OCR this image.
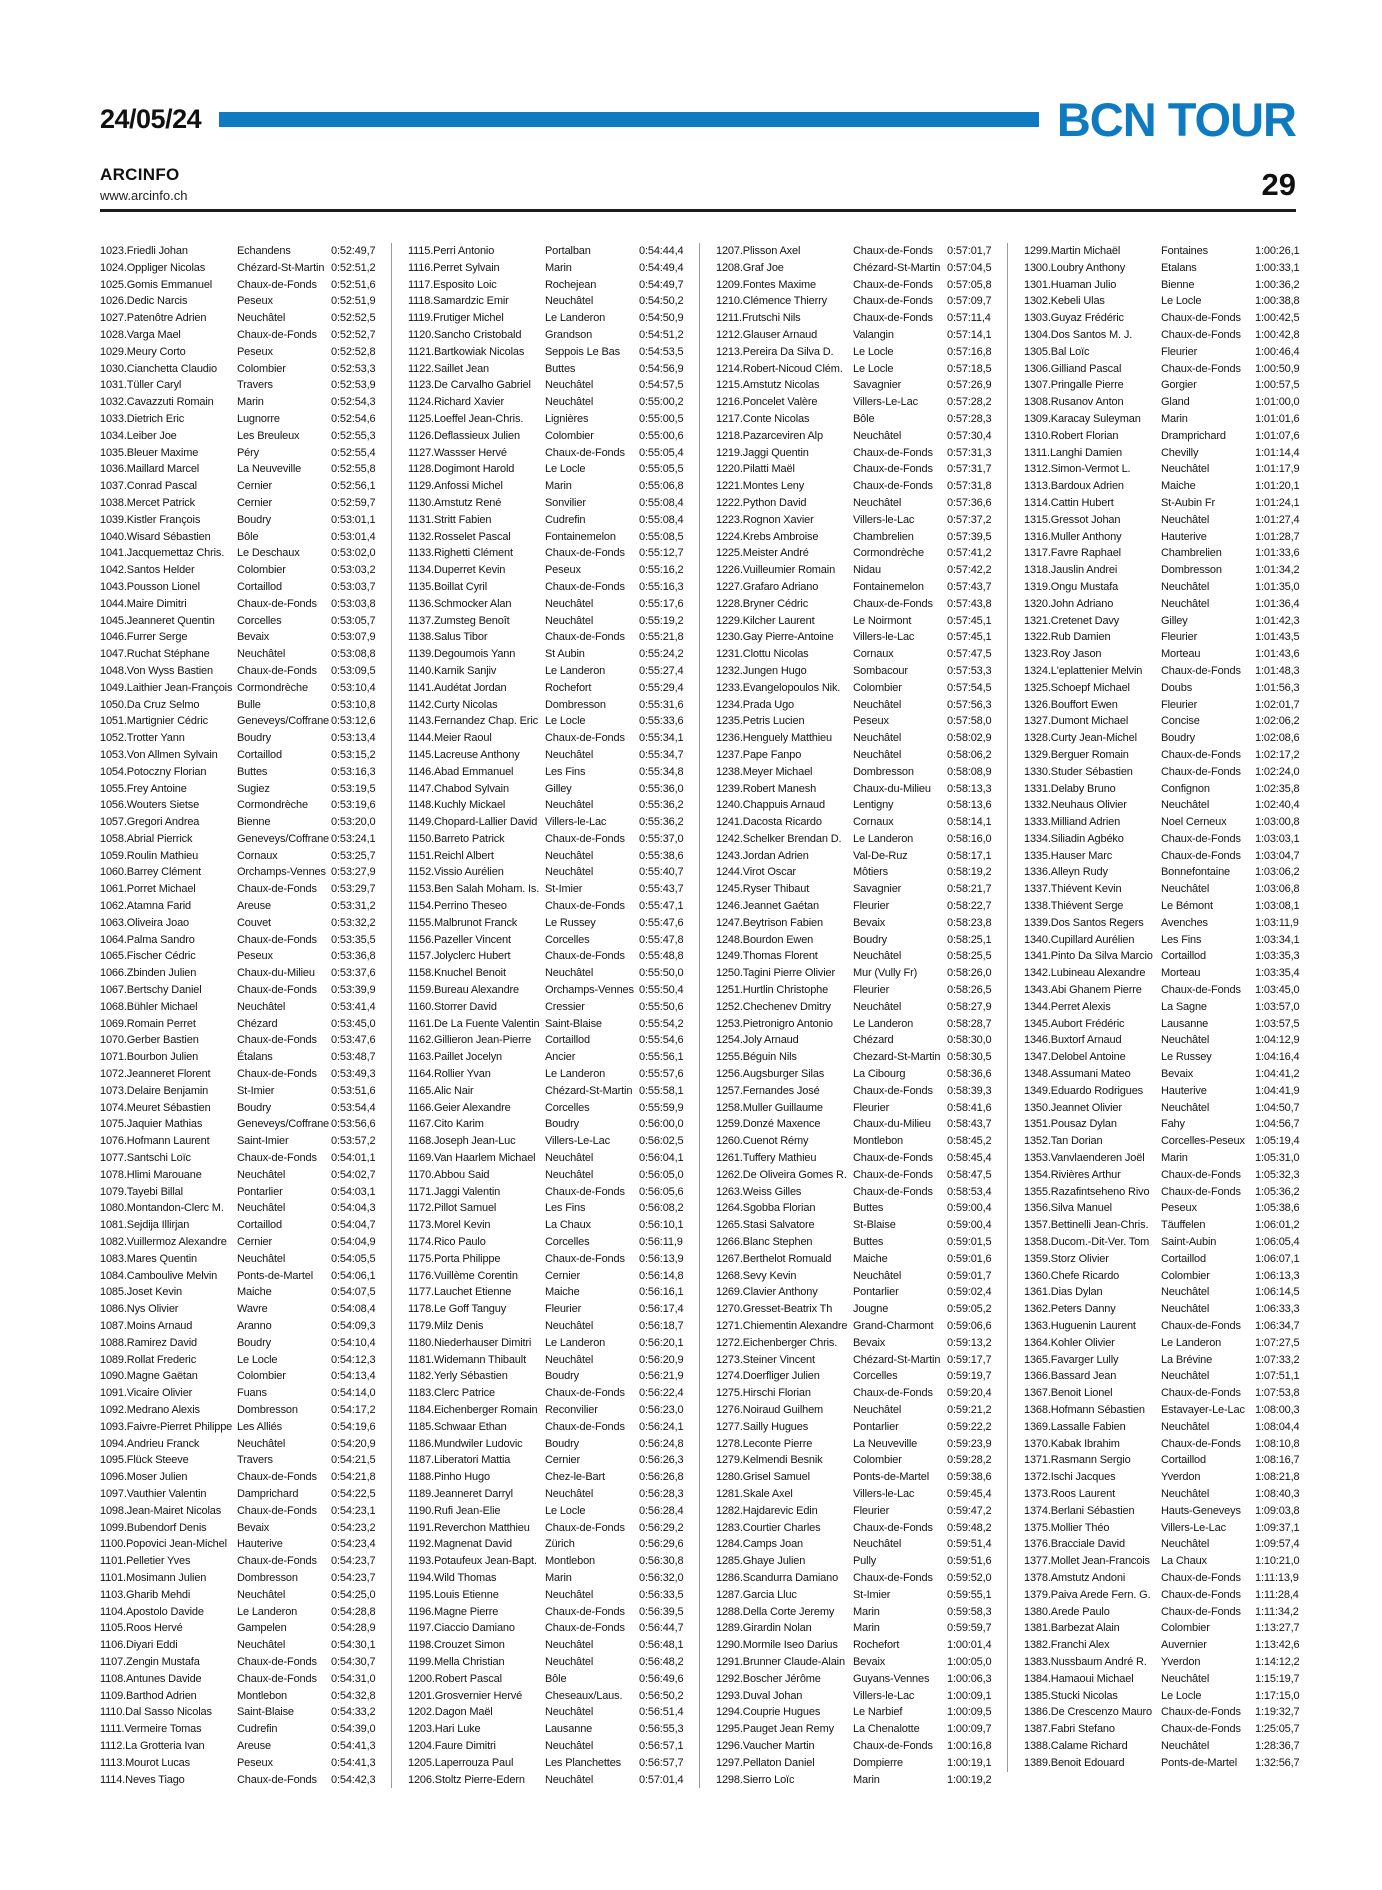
24/05/24	BCN TOUR
ARCINFO
www.arcinfo.ch	29
1023.Friedli Johan	Echandens	0:52:49,7
1024.Oppliger Nicolas	Chézard-St-Martin 0:52:51,2
1025.Gomis Emmanuel	Chaux-de-Fonds	0:52:51,6
1026.Dedic Narcis	Peseux	0:52:51,9
1027.Patenôtre Adrien	Neuchâtel	0:52:52,5
1028.Varga Mael	Chaux-de-Fonds	0:52:52,7
1029.Meury Corto	Peseux	0:52:52,8
1030.Cianchetta Claudio	Colombier	0:52:53,3
1031.Tüller Caryl	Travers	0:52:53,9
1032.Cavazzuti Romain	Marin	0:52:54,3
1033.Dietrich Eric	Lugnorre	0:52:54,6
1034.Leiber Joe	Les Breuleux	0:52:55,3
1035.Bleuer Maxime	Péry	0:52:55,4
1036.Maillard Marcel	La Neuveville	0:52:55,8
1037.Conrad Pascal	Cernier	0:52:56,1
1038.Mercet Patrick	Cernier	0:52:59,7
1039.Kistler François	Boudry	0:53:01,1
1040.Wisard Sébastien	Bôle	0:53:01,4
1041.Jacquemettaz Chris.	Le Deschaux	0:53:02,0
1042.Santos Helder	Colombier	0:53:03,2
1043.Pousson Lionel	Cortaillod	0:53:03,7
1044.Maire Dimitri	Chaux-de-Fonds	0:53:03,8
1045.Jeanneret Quentin	Corcelles	0:53:05,7
1046.Furrer Serge	Bevaix	0:53:07,9
1047.Ruchat Stéphane	Neuchâtel	0:53:08,8
1048.Von Wyss Bastien	Chaux-de-Fonds	0:53:09,5
1049.Laithier Jean-François Cormondrèche	0:53:10,4
1050.Da Cruz Selmo	Bulle	0:53:10,8
1051.Martignier Cédric	Geneveys/Coffrane 0:53:12,6
1052.Trotter Yann	Boudry	0:53:13,4
1053.Von Allmen Sylvain	Cortaillod	0:53:15,2
1054.Potoczny Florian	Buttes	0:53:16,3
1055.Frey Antoine	Sugiez	0:53:19,5
1056.Wouters Sietse	Cormondrèche	0:53:19,6
1057.Gregori Andrea	Bienne	0:53:20,0
1058.Abrial Pierrick	Geneveys/Coffrane 0:53:24,1
1059.Roulin Mathieu	Cornaux	0:53:25,7
1060.Barrey Clément	Orchamps-Vennes 0:53:27,9
1061.Porret Michael	Chaux-de-Fonds	0:53:29,7
1062.Atamna Farid	Areuse	0:53:31,2
1063.Oliveira Joao	Couvet	0:53:32,2
1064.Palma Sandro	Chaux-de-Fonds	0:53:35,5
1065.Fischer Cédric	Peseux	0:53:36,8
1066.Zbinden Julien	Chaux-du-Milieu	0:53:37,6
1067.Bertschy Daniel	Chaux-de-Fonds	0:53:39,9
1068.Bühler Michael	Neuchâtel	0:53:41,4
1069.Romain Perret	Chézard	0:53:45,0
1070.Gerber Bastien	Chaux-de-Fonds	0:53:47,6
1071.Bourbon Julien	Étalans	0:53:48,7
1072.Jeanneret Florent	Chaux-de-Fonds	0:53:49,3
1073.Delaire Benjamin	St-Imier	0:53:51,6
1074.Meuret Sébastien	Boudry	0:53:54,4
1075.Jaquier Mathias	Geneveys/Coffrane 0:53:56,6
1076.Hofmann Laurent	Saint-Imier	0:53:57,2
1077.Santschi Loïc	Chaux-de-Fonds	0:54:01,1
1078.Hlimi Marouane	Neuchâtel	0:54:02,7
1079.Tayebi Billal	Pontarlier	0:54:03,1
1080.Montandon-Clerc M.	Neuchâtel	0:54:04,3
1081.Sejdija Illirjan	Cortaillod	0:54:04,7
1082.Vuillermoz Alexandre Cernier	0:54:04,9
1083.Mares Quentin	Neuchâtel	0:54:05,5
1084.Camboulive Melvin	Ponts-de-Martel	0:54:06,1
1085.Joset Kevin	Maiche	0:54:07,5
1086.Nys Olivier	Wavre	0:54:08,4
1087.Moins Arnaud	Aranno	0:54:09,3
1088.Ramirez David	Boudry	0:54:10,4
1089.Rollat Frederic	Le Locle	0:54:12,3
1090.Magne Gaëtan	Colombier	0:54:13,4
1091.Vicaire Olivier	Fuans	0:54:14,0
1092.Medrano Alexis	Dombresson	0:54:17,2
1093.Faivre-Pierret Philippe Les Alliés	0:54:19,6
1094.Andrieu Franck	Neuchâtel	0:54:20,9
1095.Flück Steeve	Travers	0:54:21,5
1096.Moser Julien	Chaux-de-Fonds	0:54:21,8
1097.Vauthier Valentin	Damprichard	0:54:22,5
1098.Jean-Mairet Nicolas	Chaux-de-Fonds	0:54:23,1
1099.Bubendorf Denis	Bevaix	0:54:23,2
1100.Popovici Jean-Michel Hauterive	0:54:23,4
1101.Pelletier Yves	Chaux-de-Fonds	0:54:23,7
1101.Mosimann Julien	Dombresson	0:54:23,7
1103.Gharib Mehdi	Neuchâtel	0:54:25,0
1104.Apostolo Davide	Le Landeron	0:54:28,8
1105.Roos Hervé	Gampelen	0:54:28,9
1106.Diyari Eddi	Neuchâtel	0:54:30,1
1107.Zengin Mustafa	Chaux-de-Fonds	0:54:30,7
1108.Antunes Davide	Chaux-de-Fonds	0:54:31,0
1109.Barthod Adrien	Montlebon	0:54:32,8
1110.Dal Sasso Nicolas	Saint-Blaise	0:54:33,2
1111.Vermeire Tomas	Cudrefin	0:54:39,0
1112.La Grotteria Ivan	Areuse	0:54:41,3
1113.Mourot Lucas	Peseux	0:54:41,3
1114.Neves Tiago	Chaux-de-Fonds	0:54:42,3
1115.Perri Antonio	Portalban	0:54:44,4
1116.Perret Sylvain	Marin	0:54:49,4
1117.Esposito Loic	Rochejean	0:54:49,7
1118.Samardzic Emir	Neuchâtel	0:54:50,2
1119.Frutiger Michel	Le Landeron	0:54:50,9
1120.Sancho Cristobald	Grandson	0:54:51,2
1121.Bartkowiak Nicolas	Seppois Le Bas	0:54:53,5
1122.Saillet Jean	Buttes	0:54:56,9
1123.De Carvalho Gabriel	Neuchâtel	0:54:57,5
1124.Richard Xavier	Neuchâtel	0:55:00,2
1125.Loeffel Jean-Chris.	Lignières	0:55:00,5
1126.Deflassieux Julien	Colombier	0:55:00,6
1127.Wassser Hervé	Chaux-de-Fonds	0:55:05,4
1128.Dogimont Harold	Le Locle	0:55:05,5
1129.Anfossi Michel	Marin	0:55:06,8
1130.Amstutz René	Sonvilier	0:55:08,4
1131.Stritt Fabien	Cudrefin	0:55:08,4
1132.Rosselet Pascal	Fontainemelon	0:55:08,5
1133.Righetti Clément	Chaux-de-Fonds	0:55:12,7
1134.Duperret Kevin	Peseux	0:55:16,2
1135.Boillat Cyril	Chaux-de-Fonds	0:55:16,3
1136.Schmocker Alan	Neuchâtel	0:55:17,6
1137.Zumsteg Benoît	Neuchâtel	0:55:19,2
1138.Salus Tibor	Chaux-de-Fonds	0:55:21,8
1139.Degoumois Yann	St Aubin	0:55:24,2
1140.Karnik Sanjiv	Le Landeron	0:55:27,4
1141.Audétat Jordan	Rochefort	0:55:29,4
1142.Curty Nicolas	Dombresson	0:55:31,6
1143.Fernandez Chap. Eric Le Locle	0:55:33,6
1144.Meier Raoul	Chaux-de-Fonds	0:55:34,1
1145.Lacreuse Anthony	Neuchâtel	0:55:34,7
1146.Abad Emmanuel	Les Fins	0:55:34,8
1147.Chabod Sylvain	Gilley	0:55:36,0
1148.Kuchly Mickael	Neuchâtel	0:55:36,2
1149.Chopard-Lallier David Villers-le-Lac	0:55:36,2
1150.Barreto Patrick	Chaux-de-Fonds	0:55:37,0
1151.Reichl Albert	Neuchâtel	0:55:38,6
1152.Vissio Aurélien	Neuchâtel	0:55:40,7
1153.Ben Salah Moham. Is. St-Imier	0:55:43,7
1154.Perrino Theseo	Chaux-de-Fonds	0:55:47,1
1155.Malbrunot Franck	Le Russey	0:55:47,6
1156.Pazeller Vincent	Corcelles	0:55:47,8
1157.Jolyclerc Hubert	Chaux-de-Fonds	0:55:48,8
1158.Knuchel Benoit	Neuchâtel	0:55:50,0
1159.Bureau Alexandre	Orchamps-Vennes 0:55:50,4
1160.Storrer David	Cressier	0:55:50,6
1161.De La Fuente Valentin Saint-Blaise	0:55:54,2
1162.Gillieron Jean-Pierre	Cortaillod	0:55:54,6
1163.Paillet Jocelyn	Ancier	0:55:56,1
1164.Rollier Yvan	Le Landeron	0:55:57,6
1165.Alic Nair	Chézard-St-Martin 0:55:58,1
1166.Geier Alexandre	Corcelles	0:55:59,9
1167.Cito Karim	Boudry	0:56:00,0
1168.Joseph Jean-Luc	Villers-Le-Lac	0:56:02,5
1169.Van Haarlem Michael Neuchâtel	0:56:04,1
1170.Abbou Said	Neuchâtel	0:56:05,0
1171.Jaggi Valentin	Chaux-de-Fonds	0:56:05,6
1172.Pillot Samuel	Les Fins	0:56:08,2
1173.Morel Kevin	La Chaux	0:56:10,1
1174.Rico Paulo	Corcelles	0:56:11,9
1175.Porta Philippe	Chaux-de-Fonds	0:56:13,9
1176.Vuillème Corentin	Cernier	0:56:14,8
1177.Lauchet Etienne	Maiche	0:56:16,1
1178.Le Goff Tanguy	Fleurier	0:56:17,4
1179.Milz Denis	Neuchâtel	0:56:18,7
1180.Niederhauser Dimitri	Le Landeron	0:56:20,1
1181.Widemann Thibault	Neuchâtel	0:56:20,9
1182.Yerly Sébastien	Boudry	0:56:21,9
1183.Clerc Patrice	Chaux-de-Fonds	0:56:22,4
1184.Eichenberger Romain Reconvilier	0:56:23,0
1185.Schwaar Ethan	Chaux-de-Fonds	0:56:24,1
1186.Mundwiler Ludovic	Boudry	0:56:24,8
1187.Liberatori Mattia	Cernier	0:56:26,3
1188.Pinho Hugo	Chez-le-Bart	0:56:26,8
1189.Jeanneret Darryl	Neuchâtel	0:56:28,3
1190.Rufi Jean-Elie	Le Locle	0:56:28,4
1191.Reverchon Matthieu	Chaux-de-Fonds	0:56:29,2
1192.Magnenat David	Zürich	0:56:29,6
1193.Potaufeux Jean-Bapt. Montlebon	0:56:30,8
1194.Wild Thomas	Marin	0:56:32,0
1195.Louis Etienne	Neuchâtel	0:56:33,5
1196.Magne Pierre	Chaux-de-Fonds	0:56:39,5
1197.Ciaccio Damiano	Chaux-de-Fonds	0:56:44,7
1198.Crouzet Simon	Neuchâtel	0:56:48,1
1199.Mella Christian	Neuchâtel	0:56:48,2
1200.Robert Pascal	Bôle	0:56:49,6
1201.Grosvernier Hervé	Cheseaux/Laus.	0:56:50,2
1202.Dagon Maël	Neuchâtel	0:56:51,4
1203.Hari Luke	Lausanne	0:56:55,3
1204.Faure Dimitri	Neuchâtel	0:56:57,1
1205.Laperrouza Paul	Les Planchettes	0:56:57,7
1206.Stoltz Pierre-Edern	Neuchâtel	0:57:01,4
1207.Plisson Axel	Chaux-de-Fonds	0:57:01,7
1208.Graf Joe	Chézard-St-Martin 0:57:04,5
1209.Fontes Maxime	Chaux-de-Fonds	0:57:05,8
1210.Clémence Thierry	Chaux-de-Fonds	0:57:09,7
1211.Frutschi Nils	Chaux-de-Fonds	0:57:11,4
1212.Glauser Arnaud	Valangin	0:57:14,1
1213.Pereira Da Silva D.	Le Locle	0:57:16,8
1214.Robert-Nicoud Clém. Le Locle	0:57:18,5
1215.Amstutz Nicolas	Savagnier	0:57:26,9
1216.Poncelet Valère	Villers-Le-Lac	0:57:28,2
1217.Conte Nicolas	Bôle	0:57:28,3
1218.Pazarceviren Alp	Neuchâtel	0:57:30,4
1219.Jaggi Quentin	Chaux-de-Fonds	0:57:31,3
1220.Pilatti Maël	Chaux-de-Fonds	0:57:31,7
1221.Montes Leny	Chaux-de-Fonds	0:57:31,8
1222.Python David	Neuchâtel	0:57:36,6
1223.Rognon Xavier	Villers-le-Lac	0:57:37,2
1224.Krebs Ambroise	Chambrelien	0:57:39,5
1225.Meister André	Cormondrèche	0:57:41,2
1226.Vuilleumier Romain	Nidau	0:57:42,2
1227.Grafaro Adriano	Fontainemelon	0:57:43,7
1228.Bryner Cédric	Chaux-de-Fonds	0:57:43,8
1229.Kilcher Laurent	Le Noirmont	0:57:45,1
1230.Gay Pierre-Antoine	Villers-le-Lac	0:57:45,1
1231.Clottu Nicolas	Cornaux	0:57:47,5
1232.Jungen Hugo	Sombacour	0:57:53,3
1233.Evangelopoulos Nik.	Colombier	0:57:54,5
1234.Prada Ugo	Neuchâtel	0:57:56,3
1235.Petris Lucien	Peseux	0:57:58,0
1236.Henguely Matthieu	Neuchâtel	0:58:02,9
1237.Pape Fanpo	Neuchâtel	0:58:06,2
1238.Meyer Michael	Dombresson	0:58:08,9
1239.Robert Manesh	Chaux-du-Milieu	0:58:13,3
1240.Chappuis Arnaud	Lentigny	0:58:13,6
1241.Dacosta Ricardo	Cornaux	0:58:14,1
1242.Schelker Brendan D.	Le Landeron	0:58:16,0
1243.Jordan Adrien	Val-De-Ruz	0:58:17,1
1244.Virot Oscar	Môtiers	0:58:19,2
1245.Ryser Thibaut	Savagnier	0:58:21,7
1246.Jeannet Gaétan	Fleurier	0:58:22,7
1247.Beytrison Fabien	Bevaix	0:58:23,8
1248.Bourdon Ewen	Boudry	0:58:25,1
1249.Thomas Florent	Neuchâtel	0:58:25,5
1250.Tagini Pierre Olivier	Mur (Vully Fr)	0:58:26,0
1251.Hurtlin Christophe	Fleurier	0:58:26,5
1252.Chechenev Dmitry	Neuchâtel	0:58:27,9
1253.Pietronigro Antonio	Le Landeron	0:58:28,7
1254.Joly Arnaud	Chézard	0:58:30,0
1255.Béguin Nils	Chezard-St-Martin 0:58:30,5
1256.Augsburger Silas	La Cibourg	0:58:36,6
1257.Fernandes José	Chaux-de-Fonds	0:58:39,3
1258.Muller Guillaume	Fleurier	0:58:41,6
1259.Donzé Maxence	Chaux-du-Milieu	0:58:43,7
1260.Cuenot Rémy	Montlebon	0:58:45,2
1261.Tuffery Mathieu	Chaux-de-Fonds	0:58:45,4
1262.De Oliveira Gomes R. Chaux-de-Fonds	0:58:47,5
1263.Weiss Gilles	Chaux-de-Fonds	0:58:53,4
1264.Sgobba Florian	Buttes	0:59:00,4
1265.Stasi Salvatore	St-Blaise	0:59:00,4
1266.Blanc Stephen	Buttes	0:59:01,5
1267.Berthelot Romuald	Maiche	0:59:01,6
1268.Sevy Kevin	Neuchâtel	0:59:01,7
1269.Clavier Anthony	Pontarlier	0:59:02,4
1270.Gresset-Beatrix Th	Jougne	0:59:05,2
1271.Chiementin Alexandre Grand-Charmont	0:59:06,6
1272.Eichenberger Chris.	Bevaix	0:59:13,2
1273.Steiner Vincent	Chézard-St-Martin 0:59:17,7
1274.Doerfliger Julien	Corcelles	0:59:19,7
1275.Hirschi Florian	Chaux-de-Fonds	0:59:20,4
1276.Noiraud Guilhem	Neuchâtel	0:59:21,2
1277.Sailly Hugues	Pontarlier	0:59:22,2
1278.Leconte Pierre	La Neuveville	0:59:23,9
1279.Kelmendi Besnik	Colombier	0:59:28,2
1280.Grisel Samuel	Ponts-de-Martel	0:59:38,6
1281.Skale Axel	Villers-le-Lac	0:59:45,4
1282.Hajdarevic Edin	Fleurier	0:59:47,2
1283.Courtier Charles	Chaux-de-Fonds	0:59:48,2
1284.Camps Joan	Neuchâtel	0:59:51,4
1285.Ghaye Julien	Pully	0:59:51,6
1286.Scandurra Damiano	Chaux-de-Fonds	0:59:52,0
1287.Garcia Lluc	St-Imier	0:59:55,1
1288.Della Corte Jeremy	Marin	0:59:58,3
1289.Girardin Nolan	Marin	0:59:59,7
1290.Mormile Iseo Darius	Rochefort	1:00:01,4
1291.Brunner Claude-Alain Bevaix	1:00:05,0
1292.Boscher Jérôme	Guyans-Vennes	1:00:06,3
1293.Duval Johan	Villers-le-Lac	1:00:09,1
1294.Couprie Hugues	Le Narbief	1:00:09,5
1295.Pauget Jean Remy	La Chenalotte	1:00:09,7
1296.Vaucher Martin	Chaux-de-Fonds	1:00:16,8
1297.Pellaton Daniel	Dompierre	1:00:19,1
1298.Sierro Loïc	Marin	1:00:19,2
1299.Martin Michaël	Fontaines	1:00:26,1
1300.Loubry Anthony	Etalans	1:00:33,1
1301.Huaman Julio	Bienne	1:00:36,2
1302.Kebeli Ulas	Le Locle	1:00:38,8
1303.Guyaz Frédéric	Chaux-de-Fonds	1:00:42,5
1304.Dos Santos M. J.	Chaux-de-Fonds	1:00:42,8
1305.Bal Loïc	Fleurier	1:00:46,4
1306.Gilliand Pascal	Chaux-de-Fonds	1:00:50,9
1307.Pringalle Pierre	Gorgier	1:00:57,5
1308.Rusanov Anton	Gland	1:01:00,0
1309.Karacay Suleyman	Marin	1:01:01,6
1310.Robert Florian	Dramprichard	1:01:07,6
1311.Langhi Damien	Chevilly	1:01:14,4
1312.Simon-Vermot L.	Neuchâtel	1:01:17,9
1313.Bardoux Adrien	Maiche	1:01:20,1
1314.Cattin Hubert	St-Aubin Fr	1:01:24,1
1315.Gressot Johan	Neuchâtel	1:01:27,4
1316.Muller Anthony	Hauterive	1:01:28,7
1317.Favre Raphael	Chambrelien	1:01:33,6
1318.Jauslin Andrei	Dombresson	1:01:34,2
1319.Ongu Mustafa	Neuchâtel	1:01:35,0
1320.John Adriano	Neuchâtel	1:01:36,4
1321.Cretenet Davy	Gilley	1:01:42,3
1322.Rub Damien	Fleurier	1:01:43,5
1323.Roy Jason	Morteau	1:01:43,6
1324.L'eplattenier Melvin	Chaux-de-Fonds	1:01:48,3
1325.Schoepf Michael	Doubs	1:01:56,3
1326.Bouffort Ewen	Fleurier	1:02:01,7
1327.Dumont Michael	Concise	1:02:06,2
1328.Curty Jean-Michel	Boudry	1:02:08,6
1329.Berguer Romain	Chaux-de-Fonds	1:02:17,2
1330.Studer Sébastien	Chaux-de-Fonds	1:02:24,0
1331.Delaby Bruno	Confignon	1:02:35,8
1332.Neuhaus Olivier	Neuchâtel	1:02:40,4
1333.Milliand Adrien	Noel Cerneux	1:03:00,8
1334.Siliadin Agbéko	Chaux-de-Fonds	1:03:03,1
1335.Hauser Marc	Chaux-de-Fonds	1:03:04,7
1336.Alleyn Rudy	Bonnefontaine	1:03:06,2
1337.Thiévent Kevin	Neuchâtel	1:03:06,8
1338.Thiévent Serge	Le Bémont	1:03:08,1
1339.Dos Santos Regers	Avenches	1:03:11,9
1340.Cupillard Aurélien	Les Fins	1:03:34,1
1341.Pinto Da Silva Marcio Cortaillod	1:03:35,3
1342.Lubineau Alexandre	Morteau	1:03:35,4
1343.Abi Ghanem Pierre	Chaux-de-Fonds	1:03:45,0
1344.Perret Alexis	La Sagne	1:03:57,0
1345.Aubort Frédéric	Lausanne	1:03:57,5
1346.Buxtorf Arnaud	Neuchâtel	1:04:12,9
1347.Delobel Antoine	Le Russey	1:04:16,4
1348.Assumani Mateo	Bevaix	1:04:41,2
1349.Eduardo Rodrigues	Hauterive	1:04:41,9
1350.Jeannet Olivier	Neuchâtel	1:04:50,7
1351.Pousaz Dylan	Fahy	1:04:56,7
1352.Tan Dorian	Corcelles-Peseux 1:05:19,4
1353.Vanvlaenderen Joël	Marin	1:05:31,0
1354.Rivières Arthur	Chaux-de-Fonds	1:05:32,3
1355.Razafintseheno Rivo	Chaux-de-Fonds	1:05:36,2
1356.Silva Manuel	Peseux	1:05:38,6
1357.Bettinelli Jean-Chris.	Täuffelen	1:06:01,2
1358.Ducom.-Dit-Ver. Tom	Saint-Aubin	1:06:05,4
1359.Storz Olivier	Cortaillod	1:06:07,1
1360.Chefe Ricardo	Colombier	1:06:13,3
1361.Dias Dylan	Neuchâtel	1:06:14,5
1362.Peters Danny	Neuchâtel	1:06:33,3
1363.Huguenin Laurent	Chaux-de-Fonds	1:06:34,7
1364.Kohler Olivier	Le Landeron	1:07:27,5
1365.Favarger Lully	La Brévine	1:07:33,2
1366.Bassard Jean	Neuchâtel	1:07:51,1
1367.Benoit Lionel	Chaux-de-Fonds	1:07:53,8
1368.Hofmann Sébastien	Estavayer-Le-Lac 1:08:00,3
1369.Lassalle Fabien	Neuchâtel	1:08:04,4
1370.Kabak Ibrahim	Chaux-de-Fonds	1:08:10,8
1371.Rasmann Sergio	Cortaillod	1:08:16,7
1372.Ischi Jacques	Yverdon	1:08:21,8
1373.Roos Laurent	Neuchâtel	1:08:40,3
1374.Berlani Sébastien	Hauts-Geneveys	1:09:03,8
1375.Mollier Théo	Villers-Le-Lac	1:09:37,1
1376.Bracciale David	Neuchâtel	1:09:57,4
1377.Mollet Jean-Francois	La Chaux	1:10:21,0
1378.Amstutz Andoni	Chaux-de-Fonds	1:11:13,9
1379.Paiva Arede Fern. G. Chaux-de-Fonds	1:11:28,4
1380.Arede Paulo	Chaux-de-Fonds	1:11:34,2
1381.Barbezat Alain	Colombier	1:13:27,7
1382.Franchi Alex	Auvernier	1:13:42,6
1383.Nussbaum André R.	Yverdon	1:14:12,2
1384.Hamaoui Michael	Neuchâtel	1:15:19,7
1385.Stucki Nicolas	Le Locle	1:17:15,0
1386.De Crescenzo Mauro Chaux-de-Fonds	1:19:32,7
1387.Fabri Stefano	Chaux-de-Fonds	1:25:05,7
1388.Calame Richard	Neuchâtel	1:28:36,7
1389.Benoit Edouard	Ponts-de-Martel	1:32:56,7
